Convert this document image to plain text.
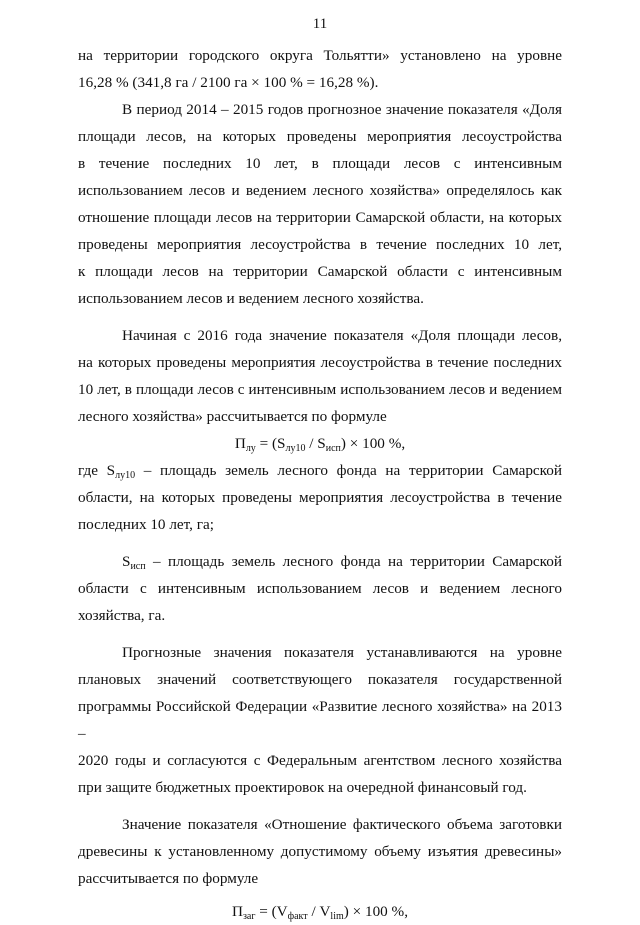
11
на территории городского округа Тольятти» установлено на уровне
16,28 % (341,8 га / 2100 га × 100 % = 16,28 %).
В период 2014 – 2015 годов прогнозное значение показателя «Доля
площади лесов, на которых проведены мероприятия лесоустройства
в течение последних 10 лет, в площади лесов с интенсивным
использованием лесов и ведением лесного хозяйства» определялось как
отношение площади лесов на территории Самарской области, на которых
проведены мероприятия лесоустройства в течение последних 10 лет,
к площади лесов на территории Самарской области с интенсивным
использованием лесов и ведением лесного хозяйства.
Начиная с 2016 года значение показателя «Доля площади лесов,
на которых проведены мероприятия лесоустройства в течение последних
10 лет, в площади лесов с интенсивным использованием лесов и ведением
лесного хозяйства» рассчитывается по формуле
$П_{лу} = (S_{лу10} / S_{исп}) \times 100$ %,
где $S_{лу10}$ – площадь земель лесного фонда на территории Самарской
области, на которых проведены мероприятия лесоустройства в течение
последних 10 лет, га;
$S_{исп}$ – площадь земель лесного фонда на территории Самарской
области с интенсивным использованием лесов и ведением лесного
хозяйства, га.
Прогнозные значения показателя устанавливаются на уровне
плановых значений соответствующего показателя государственной
программы Российской Федерации «Развитие лесного хозяйства» на 2013 –
2020 годы и согласуются с Федеральным агентством лесного хозяйства
при защите бюджетных проектировок на очередной финансовый год.
Значение показателя «Отношение фактического объема заготовки
древесины к установленному допустимому объему изъятия древесины»
рассчитывается по формуле
$П_{заг} = (V_{факт} / V_{lim}) \times 100$ %,
